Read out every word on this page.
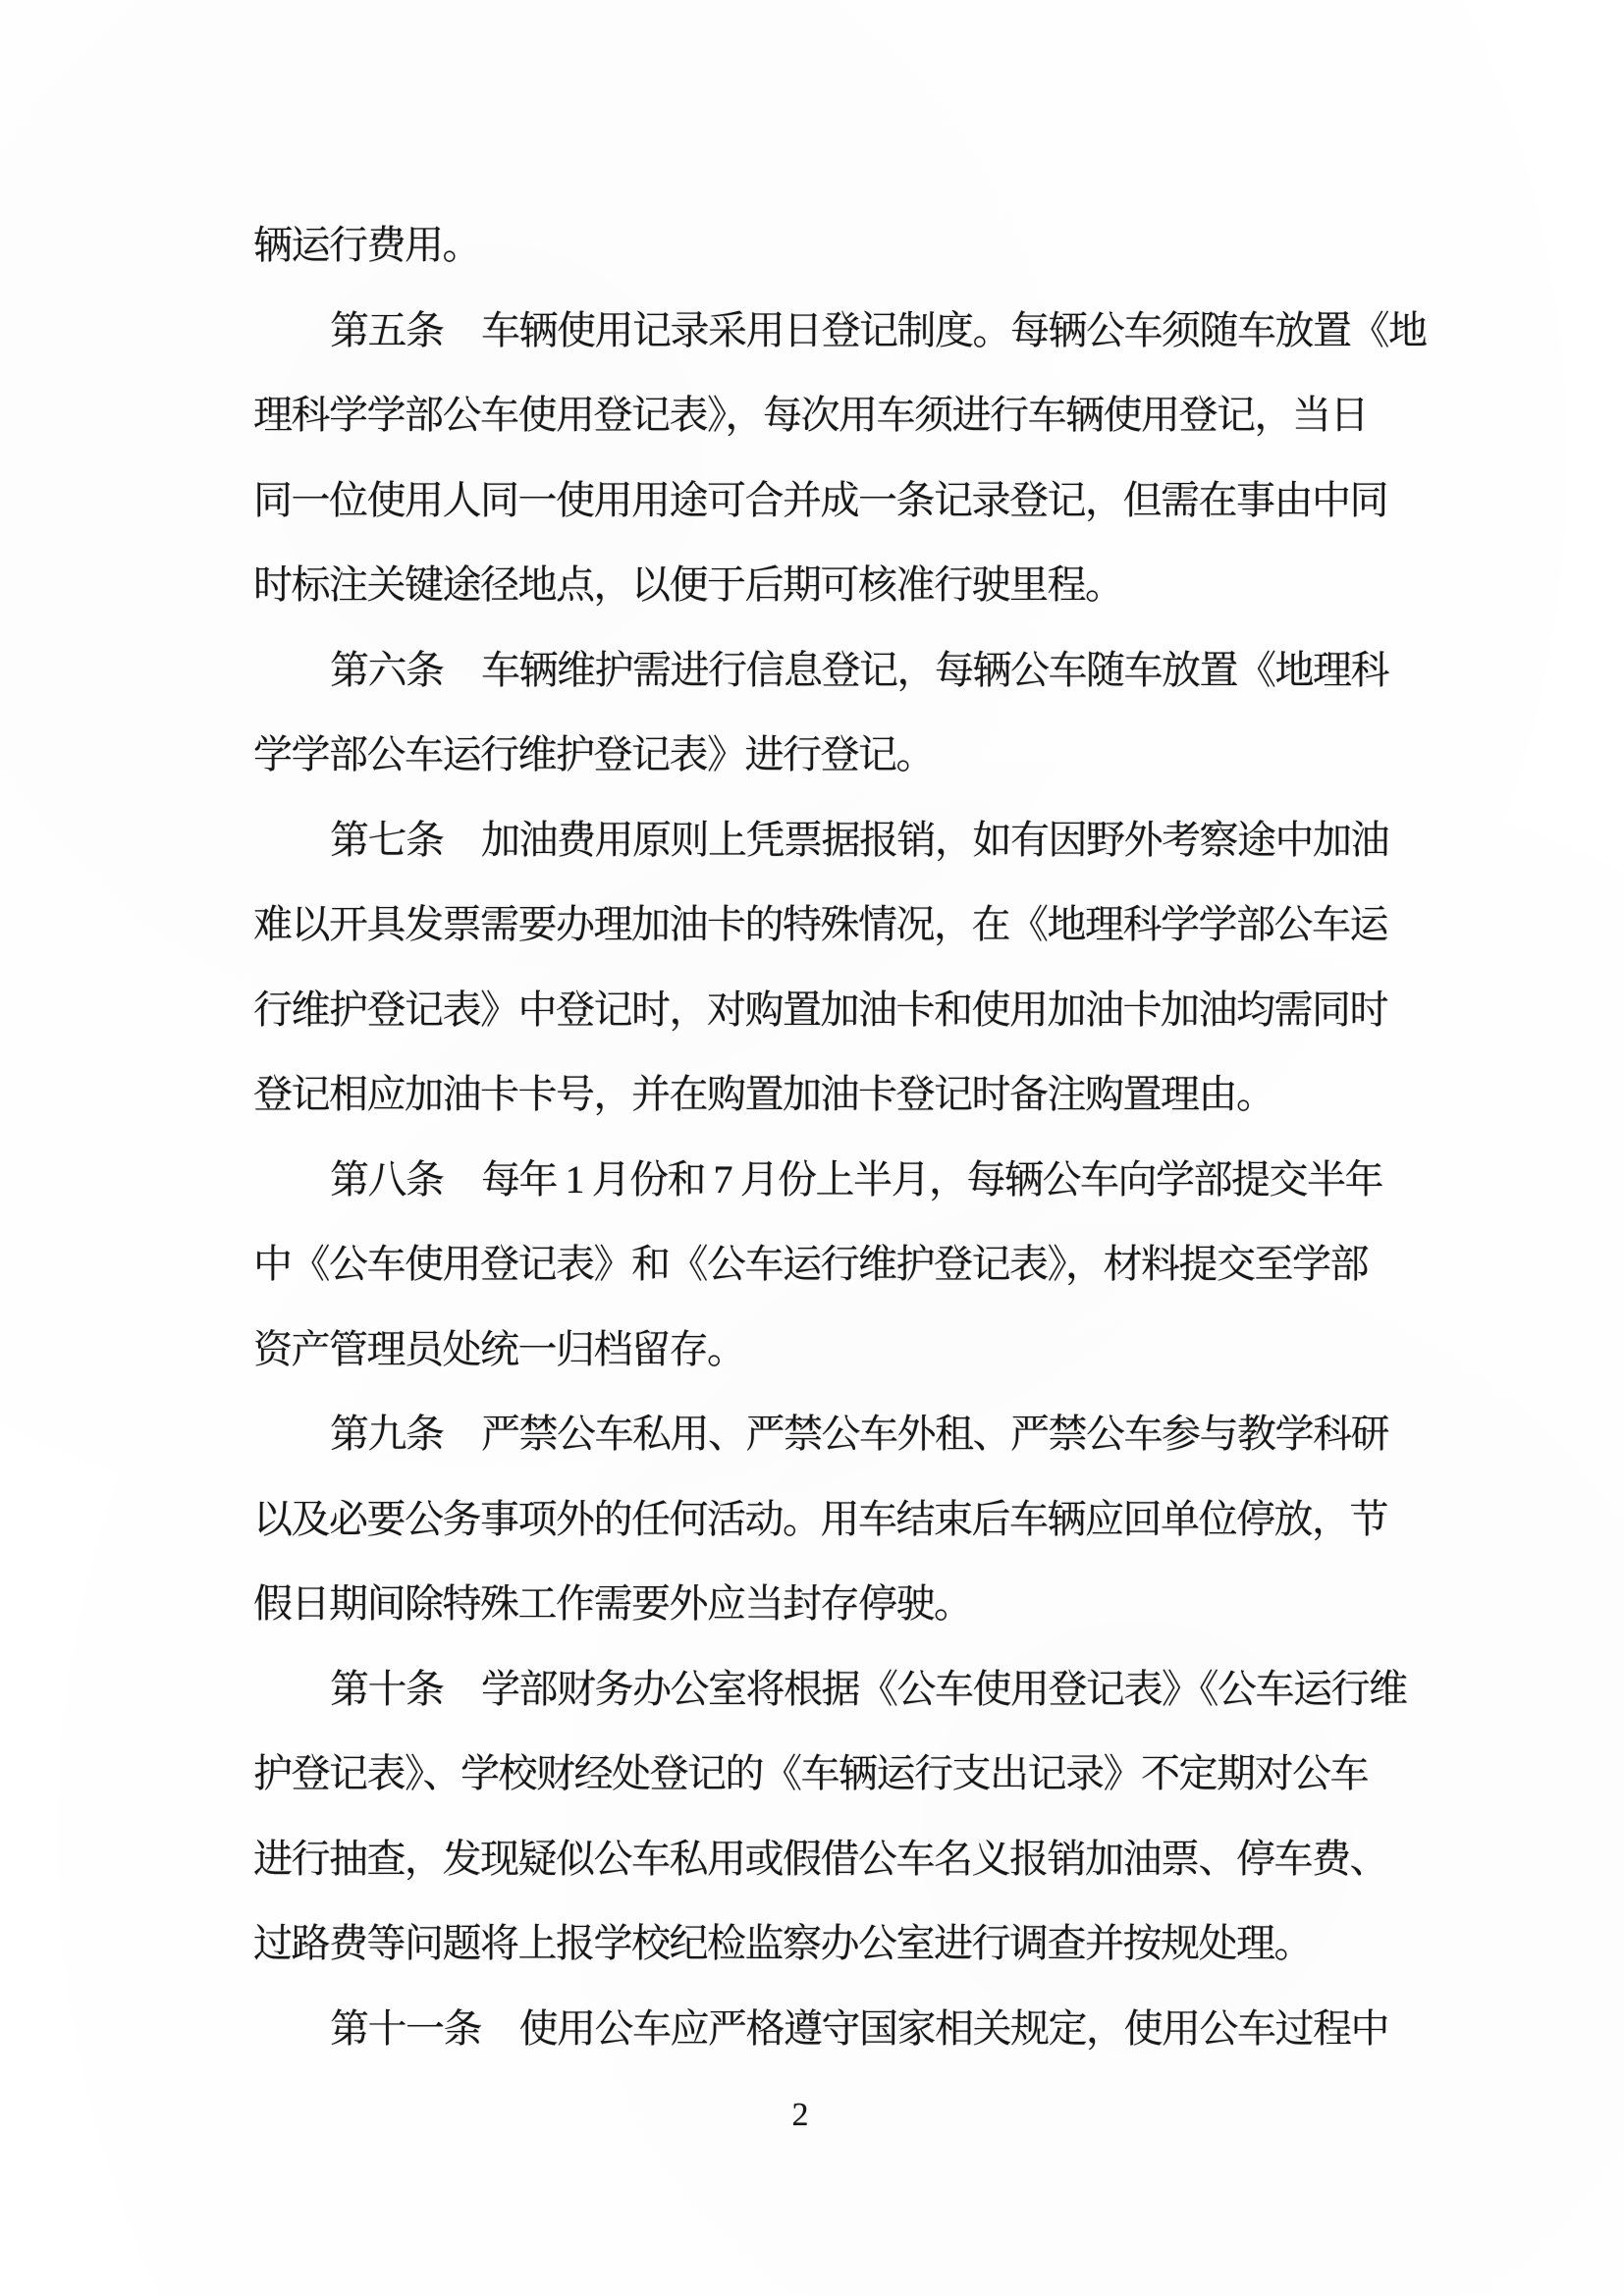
辆运行费用。
第五条　车辆使用记录采用日登记制度。每辆公车须随车放置《地
理科学学部公车使用登记表》，每次用车须进行车辆使用登记，当日
同一位使用人同一使用用途可合并成一条记录登记，但需在事由中同
时标注关键途径地点，以便于后期可核准行驶里程。
第六条　车辆维护需进行信息登记，每辆公车随车放置《地理科
学学部公车运行维护登记表》进行登记。
第七条　加油费用原则上凭票据报销，如有因野外考察途中加油
难以开具发票需要办理加油卡的特殊情况，在《地理科学学部公车运
行维护登记表》中登记时，对购置加油卡和使用加油卡加油均需同时
登记相应加油卡卡号，并在购置加油卡登记时备注购置理由。
第八条　每年 1 月份和 7 月份上半月，每辆公车向学部提交半年
中《公车使用登记表》和《公车运行维护登记表》，材料提交至学部
资产管理员处统一归档留存。
第九条　严禁公车私用、严禁公车外租、严禁公车参与教学科研
以及必要公务事项外的任何活动。用车结束后车辆应回单位停放，节
假日期间除特殊工作需要外应当封存停驶。
第十条　学部财务办公室将根据《公车使用登记表》《公车运行维
护登记表》、学校财经处登记的《车辆运行支出记录》不定期对公车
进行抽查，发现疑似公车私用或假借公车名义报销加油票、停车费、
过路费等问题将上报学校纪检监察办公室进行调查并按规处理。
第十一条　使用公车应严格遵守国家相关规定，使用公车过程中
2
